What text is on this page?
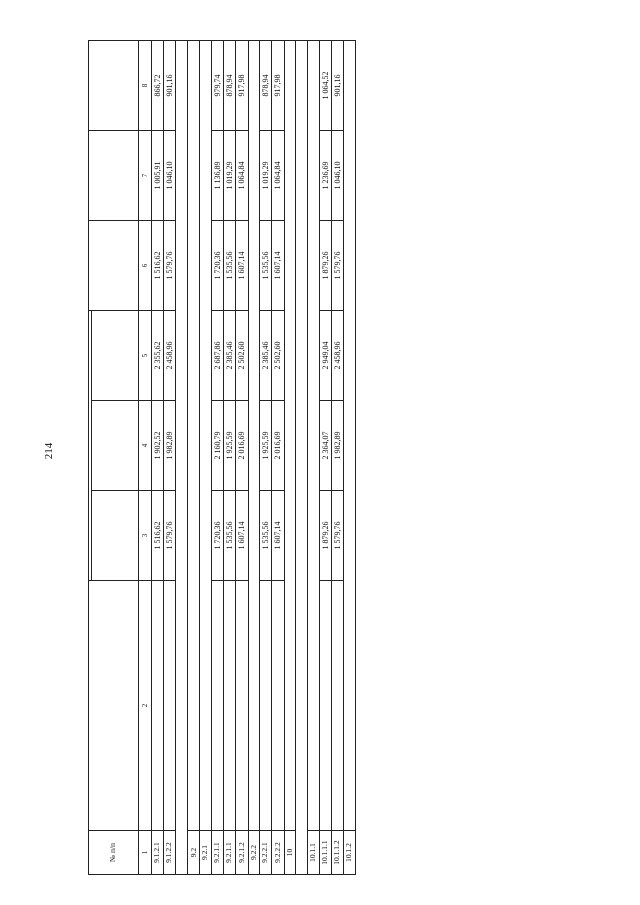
214
№ п/п							

1	2	3	4	5	6	7	8
9.1.2.1		1 516,62	1 902,52	2 355,62	1 516,62	1 005,91	866,72
9.1.2.2		1 579,76	1 982,89	2 458,96	1 579,76	1 046,10	901,16

9.2							
9.2.1							
9.2.1.1		1 720,36	2 160,79	2 687,86	1 720,36	1 136,89	979,74
9.2.1.1		1 535,56	1 925,59	2 385,46	1 535,56	1 019,29	878,94
9.2.1.2		1 607,14	2 016,69	2 502,60	1 607,14	1 064,84	917,98
9.2.2							
9.2.2.1		1 535,56	1 925,59	2 385,46	1 535,56	1 019,29	878,94
9.2.2.2		1 607,14	2 016,69	2 502,60	1 607,14	1 064,84	917,98
10							

10.1.1							
10.1.1.1		1 879,26	2 364,07	2 949,04	1 879,26	1 236,69	1 064,52
10.1.1.2		1 579,76	1 982,89	2 458,96	1 579,76	1 046,10	901,16
10.1.2							
